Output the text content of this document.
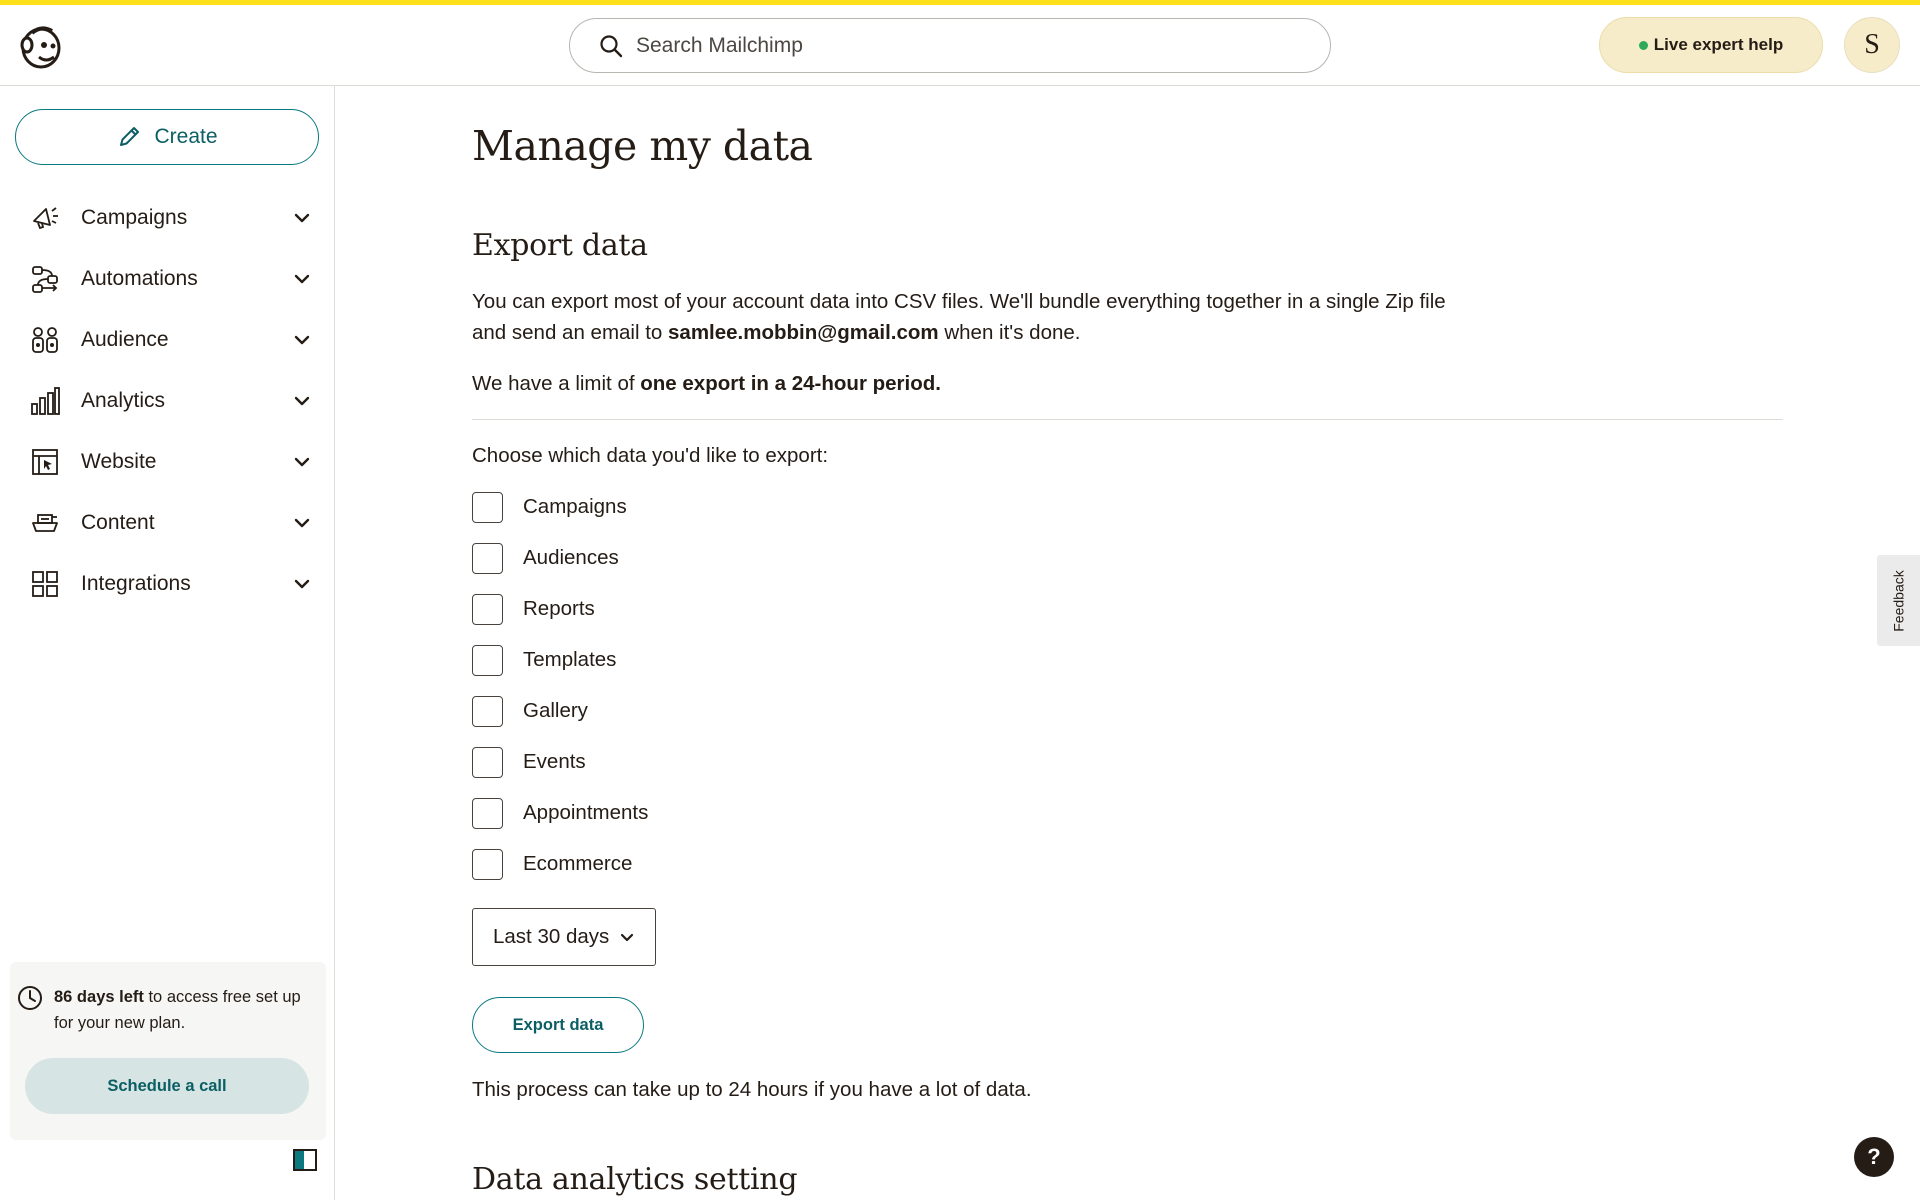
Search Mailchimp	Live expert help	S
Create
Campaigns
Automations
Audience
Analytics
Website
Content
Integrations
86 days left to access free set up for your new plan.
Schedule a call
Manage my data
Export data

You can export most of your account data into CSV files. We'll bundle everything together in a single Zip file and send an email to samlee.mobbin@gmail.com when it's done.

We have a limit of one export in a 24-hour period.

Choose which data you'd like to export:

Campaigns
Audiences
Reports
Templates
Gallery
Events
Appointments
Ecommerce
Last 30 days
Export data

This process can take up to 24 hours if you have a lot of data.

Data analytics setting
Feedback
?
